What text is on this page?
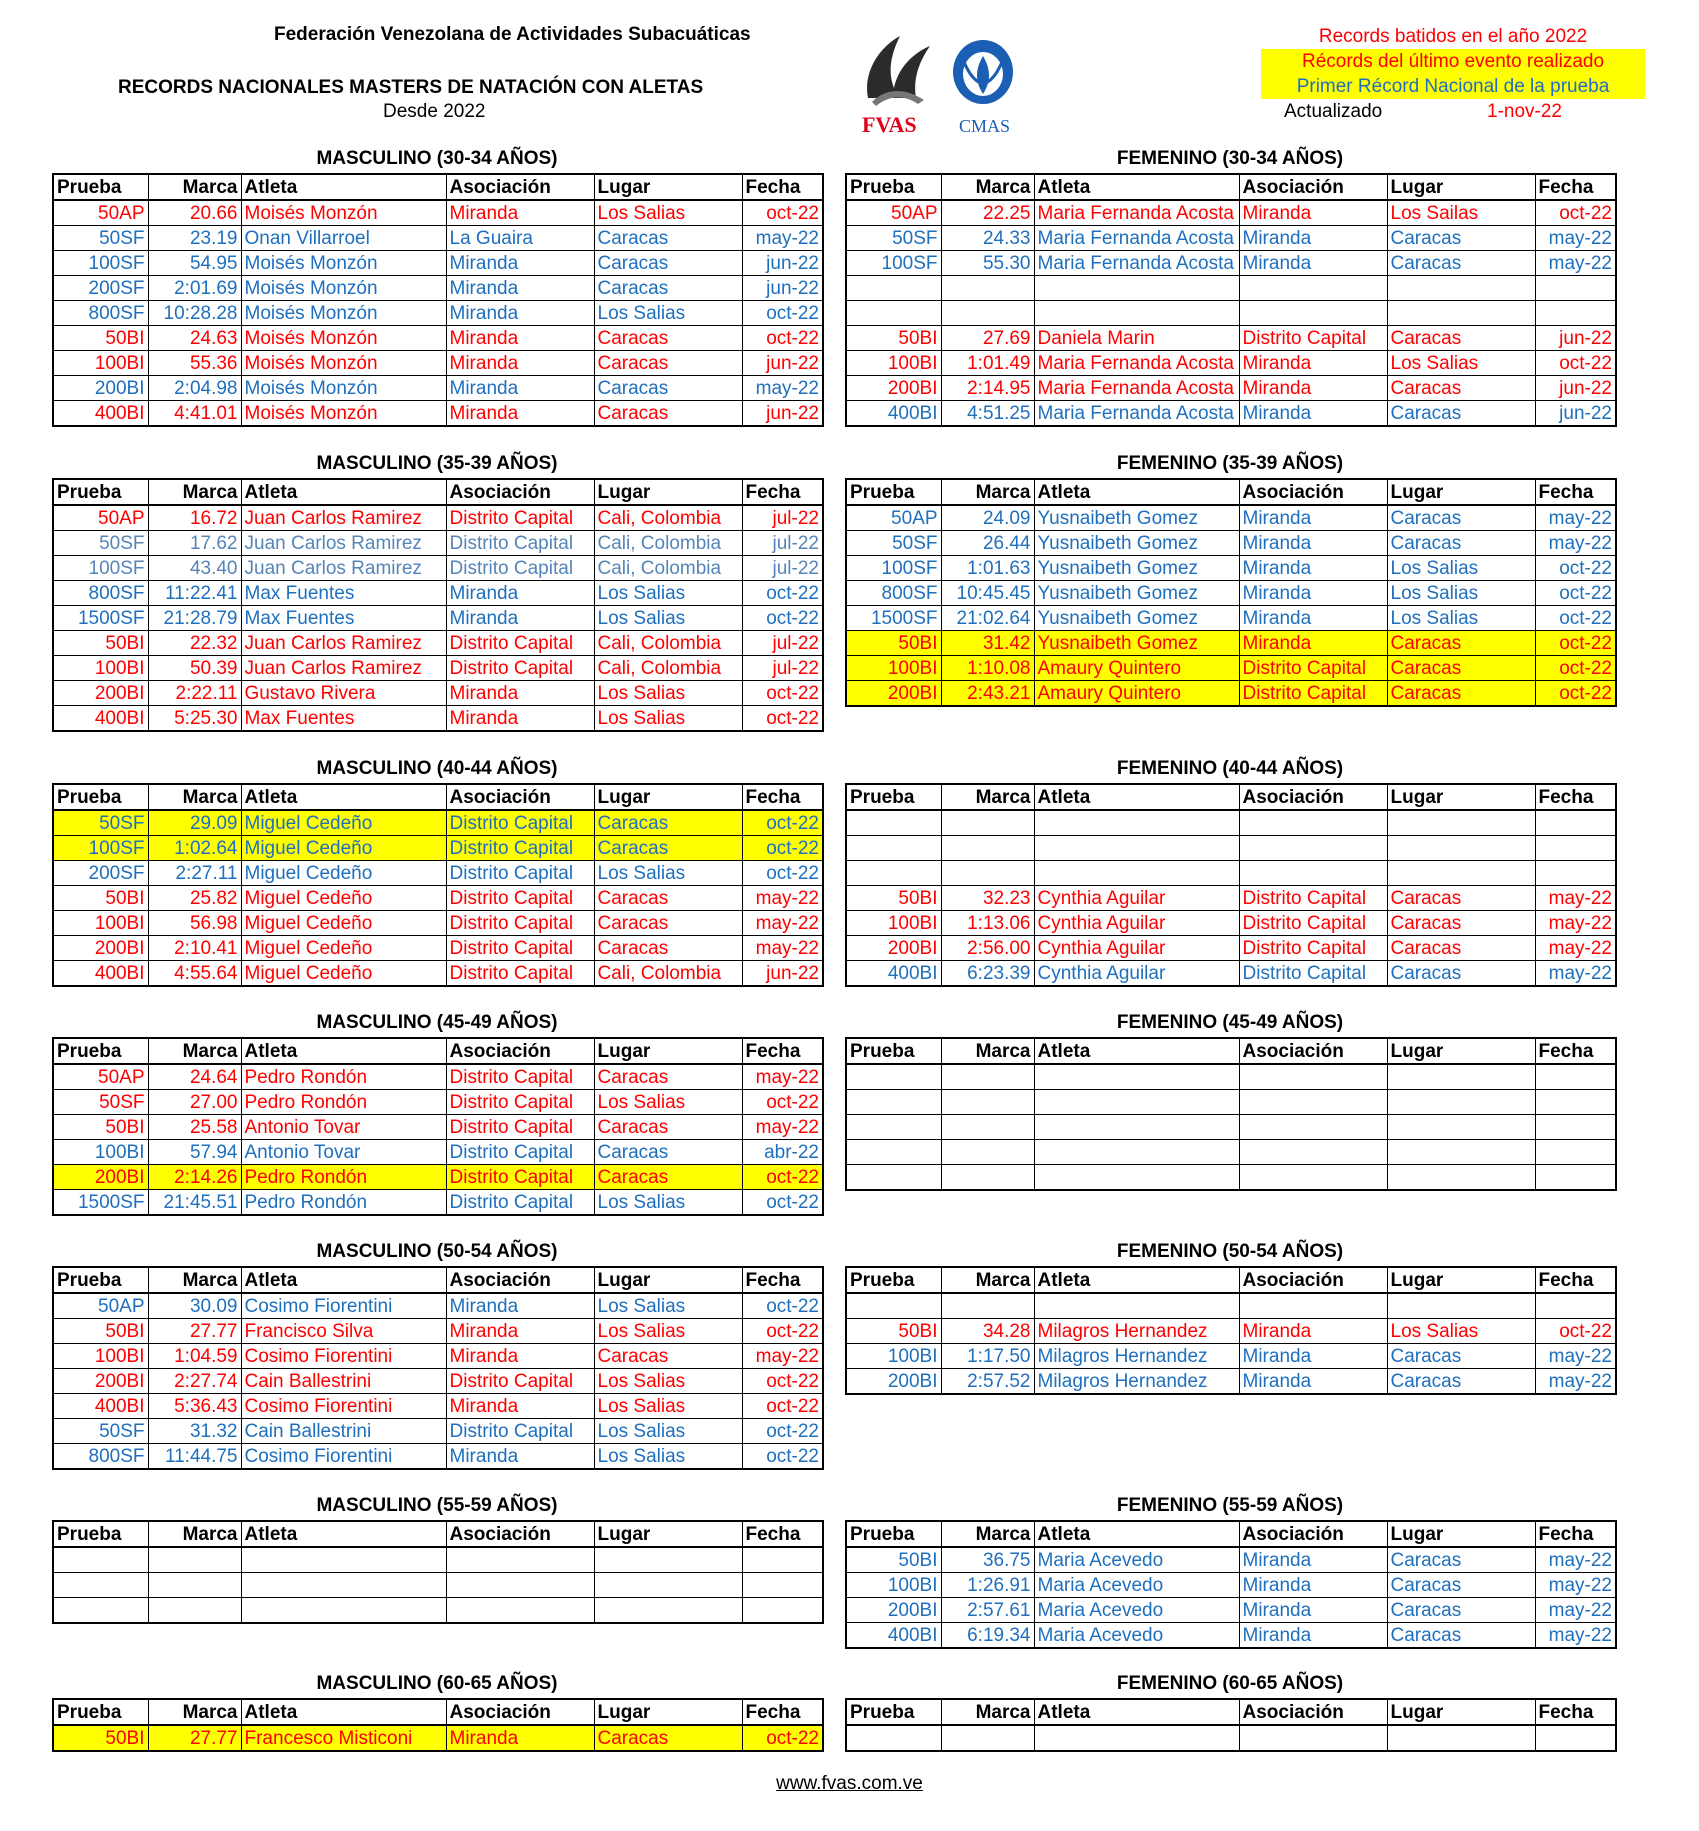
Federación Venezolana de Actividades Subacuáticas
RECORDS NACIONALES MASTERS DE NATACIÓN CON ALETAS
Desde 2022
FVAS CMAS
Records batidos en el año 2022
Récords del último evento realizado
Primer Récord Nacional de la prueba
Actualizado	1-nov-22
MASCULINO (30-34 AÑOS)
Prueba	Marca	Atleta	Asociación	Lugar	Fecha
50AP	20.66	Moisés Monzón	Miranda	Los Salias	oct-22
50SF	23.19	Onan Villarroel	La Guaira	Caracas	may-22
100SF	54.95	Moisés Monzón	Miranda	Caracas	jun-22
200SF	2:01.69	Moisés Monzón	Miranda	Caracas	jun-22
800SF	10:28.28	Moisés Monzón	Miranda	Los Salias	oct-22
50BI	24.63	Moisés Monzón	Miranda	Caracas	oct-22
100BI	55.36	Moisés Monzón	Miranda	Caracas	jun-22
200BI	2:04.98	Moisés Monzón	Miranda	Caracas	may-22
400BI	4:41.01	Moisés Monzón	Miranda	Caracas	jun-22
FEMENINO (30-34 AÑOS)
Prueba	Marca	Atleta	Asociación	Lugar	Fecha
50AP	22.25	Maria Fernanda Acosta	Miranda	Los Sailas	oct-22
50SF	24.33	Maria Fernanda Acosta	Miranda	Caracas	may-22
100SF	55.30	Maria Fernanda Acosta	Miranda	Caracas	may-22

50BI	27.69	Daniela Marin	Distrito Capital	Caracas	jun-22
100BI	1:01.49	Maria Fernanda Acosta	Miranda	Los Salias	oct-22
200BI	2:14.95	Maria Fernanda Acosta	Miranda	Caracas	jun-22
400BI	4:51.25	Maria Fernanda Acosta	Miranda	Caracas	jun-22
MASCULINO (35-39 AÑOS)
Prueba	Marca	Atleta	Asociación	Lugar	Fecha
50AP	16.72	Juan Carlos Ramirez	Distrito Capital	Cali, Colombia	jul-22
50SF	17.62	Juan Carlos Ramirez	Distrito Capital	Cali, Colombia	jul-22
100SF	43.40	Juan Carlos Ramirez	Distrito Capital	Cali, Colombia	jul-22
800SF	11:22.41	Max Fuentes	Miranda	Los Salias	oct-22
1500SF	21:28.79	Max Fuentes	Miranda	Los Salias	oct-22
50BI	22.32	Juan Carlos Ramirez	Distrito Capital	Cali, Colombia	jul-22
100BI	50.39	Juan Carlos Ramirez	Distrito Capital	Cali, Colombia	jul-22
200BI	2:22.11	Gustavo Rivera	Miranda	Los Salias	oct-22
400BI	5:25.30	Max Fuentes	Miranda	Los Salias	oct-22
FEMENINO (35-39 AÑOS)
Prueba	Marca	Atleta	Asociación	Lugar	Fecha
50AP	24.09	Yusnaibeth Gomez	Miranda	Caracas	may-22
50SF	26.44	Yusnaibeth Gomez	Miranda	Caracas	may-22
100SF	1:01.63	Yusnaibeth Gomez	Miranda	Los Salias	oct-22
800SF	10:45.45	Yusnaibeth Gomez	Miranda	Los Salias	oct-22
1500SF	21:02.64	Yusnaibeth Gomez	Miranda	Los Salias	oct-22
50BI	31.42	Yusnaibeth Gomez	Miranda	Caracas	oct-22
100BI	1:10.08	Amaury Quintero	Distrito Capital	Caracas	oct-22
200BI	2:43.21	Amaury Quintero	Distrito Capital	Caracas	oct-22
MASCULINO (40-44 AÑOS)
Prueba	Marca	Atleta	Asociación	Lugar	Fecha
50SF	29.09	Miguel Cedeño	Distrito Capital	Caracas	oct-22
100SF	1:02.64	Miguel Cedeño	Distrito Capital	Caracas	oct-22
200SF	2:27.11	Miguel Cedeño	Distrito Capital	Los Salias	oct-22
50BI	25.82	Miguel Cedeño	Distrito Capital	Caracas	may-22
100BI	56.98	Miguel Cedeño	Distrito Capital	Caracas	may-22
200BI	2:10.41	Miguel Cedeño	Distrito Capital	Caracas	may-22
400BI	4:55.64	Miguel Cedeño	Distrito Capital	Cali, Colombia	jun-22
FEMENINO (40-44 AÑOS)
Prueba	Marca	Atleta	Asociación	Lugar	Fecha

50BI	32.23	Cynthia Aguilar	Distrito Capital	Caracas	may-22
100BI	1:13.06	Cynthia Aguilar	Distrito Capital	Caracas	may-22
200BI	2:56.00	Cynthia Aguilar	Distrito Capital	Caracas	may-22
400BI	6:23.39	Cynthia Aguilar	Distrito Capital	Caracas	may-22
MASCULINO (45-49 AÑOS)
Prueba	Marca	Atleta	Asociación	Lugar	Fecha
50AP	24.64	Pedro Rondón	Distrito Capital	Caracas	may-22
50SF	27.00	Pedro Rondón	Distrito Capital	Los Salias	oct-22
50BI	25.58	Antonio Tovar	Distrito Capital	Caracas	may-22
100BI	57.94	Antonio Tovar	Distrito Capital	Caracas	abr-22
200BI	2:14.26	Pedro Rondón	Distrito Capital	Caracas	oct-22
1500SF	21:45.51	Pedro Rondón	Distrito Capital	Los Salias	oct-22
FEMENINO (45-49 AÑOS)
Prueba	Marca	Atleta	Asociación	Lugar	Fecha

MASCULINO (50-54 AÑOS)
Prueba	Marca	Atleta	Asociación	Lugar	Fecha
50AP	30.09	Cosimo Fiorentini	Miranda	Los Salias	oct-22
50BI	27.77	Francisco Silva	Miranda	Los Salias	oct-22
100BI	1:04.59	Cosimo Fiorentini	Miranda	Caracas	may-22
200BI	2:27.74	Cain Ballestrini	Distrito Capital	Los Salias	oct-22
400BI	5:36.43	Cosimo Fiorentini	Miranda	Los Salias	oct-22
50SF	31.32	Cain Ballestrini	Distrito Capital	Los Salias	oct-22
800SF	11:44.75	Cosimo Fiorentini	Miranda	Los Salias	oct-22
FEMENINO (50-54 AÑOS)
Prueba	Marca	Atleta	Asociación	Lugar	Fecha

50BI	34.28	Milagros Hernandez	Miranda	Los Salias	oct-22
100BI	1:17.50	Milagros Hernandez	Miranda	Caracas	may-22
200BI	2:57.52	Milagros Hernandez	Miranda	Caracas	may-22
MASCULINO (55-59 AÑOS)
Prueba	Marca	Atleta	Asociación	Lugar	Fecha

FEMENINO (55-59 AÑOS)
Prueba	Marca	Atleta	Asociación	Lugar	Fecha
50BI	36.75	Maria Acevedo	Miranda	Caracas	may-22
100BI	1:26.91	Maria Acevedo	Miranda	Caracas	may-22
200BI	2:57.61	Maria Acevedo	Miranda	Caracas	may-22
400BI	6:19.34	Maria Acevedo	Miranda	Caracas	may-22
MASCULINO (60-65 AÑOS)
Prueba	Marca	Atleta	Asociación	Lugar	Fecha
50BI	27.77	Francesco Misticoni	Miranda	Caracas	oct-22
FEMENINO (60-65 AÑOS)
Prueba	Marca	Atleta	Asociación	Lugar	Fecha

www.fvas.com.ve
